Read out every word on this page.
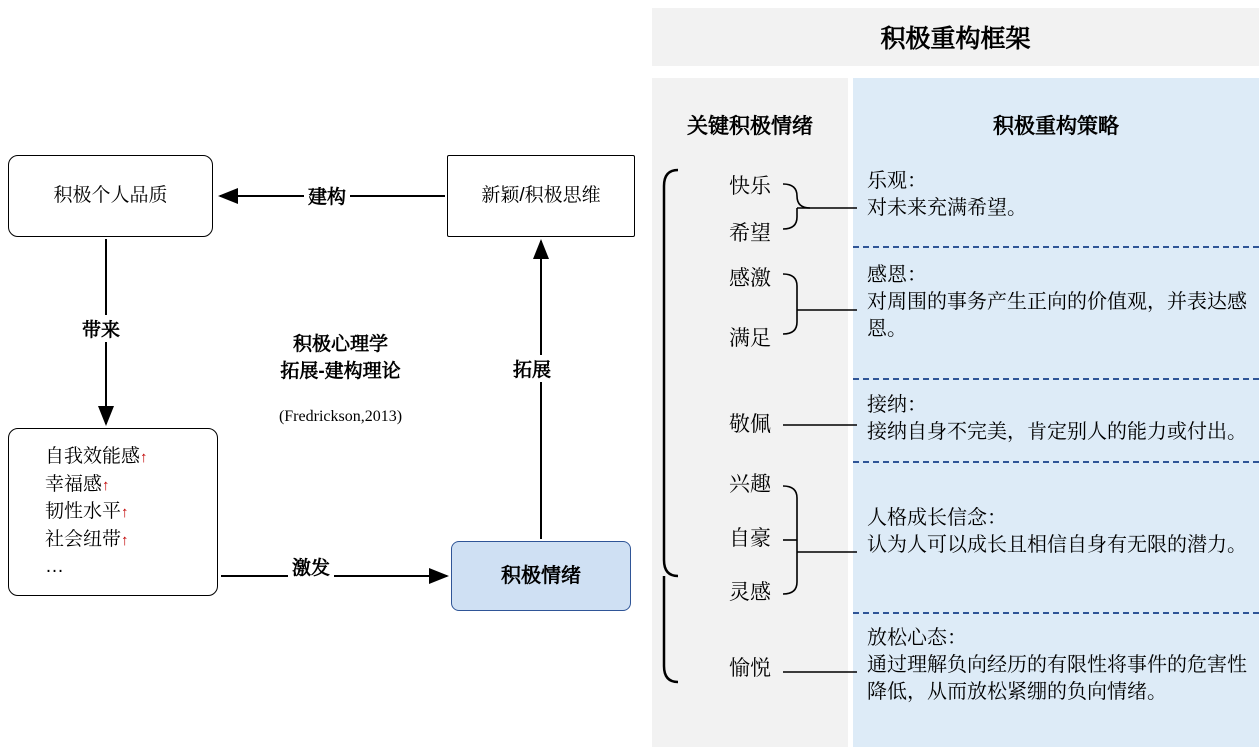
积极个人品质	新颖/积极思维
自我效能感↑
幸福感↑
韧性水平↑
社会纽带↑
…	积极情绪
建构
带来
拓展
激发
积极心理学
拓展-建构理论
(Fredrickson,2013)
积极重构框架
关键积极情绪
快乐
希望
感激
满足
敬佩
兴趣
自豪
灵感
愉悦
积极重构策略
乐观：
对未来充满希望。
感恩：
对周围的事务产生正向的价值观，并表达感恩。
接纳：
接纳自身不完美，肯定别人的能力或付出。
人格成长信念：
认为人可以成长且相信自身有无限的潜力。
放松心态：
通过理解负向经历的有限性将事件的危害性降低，从而放松紧绷的负向情绪。
